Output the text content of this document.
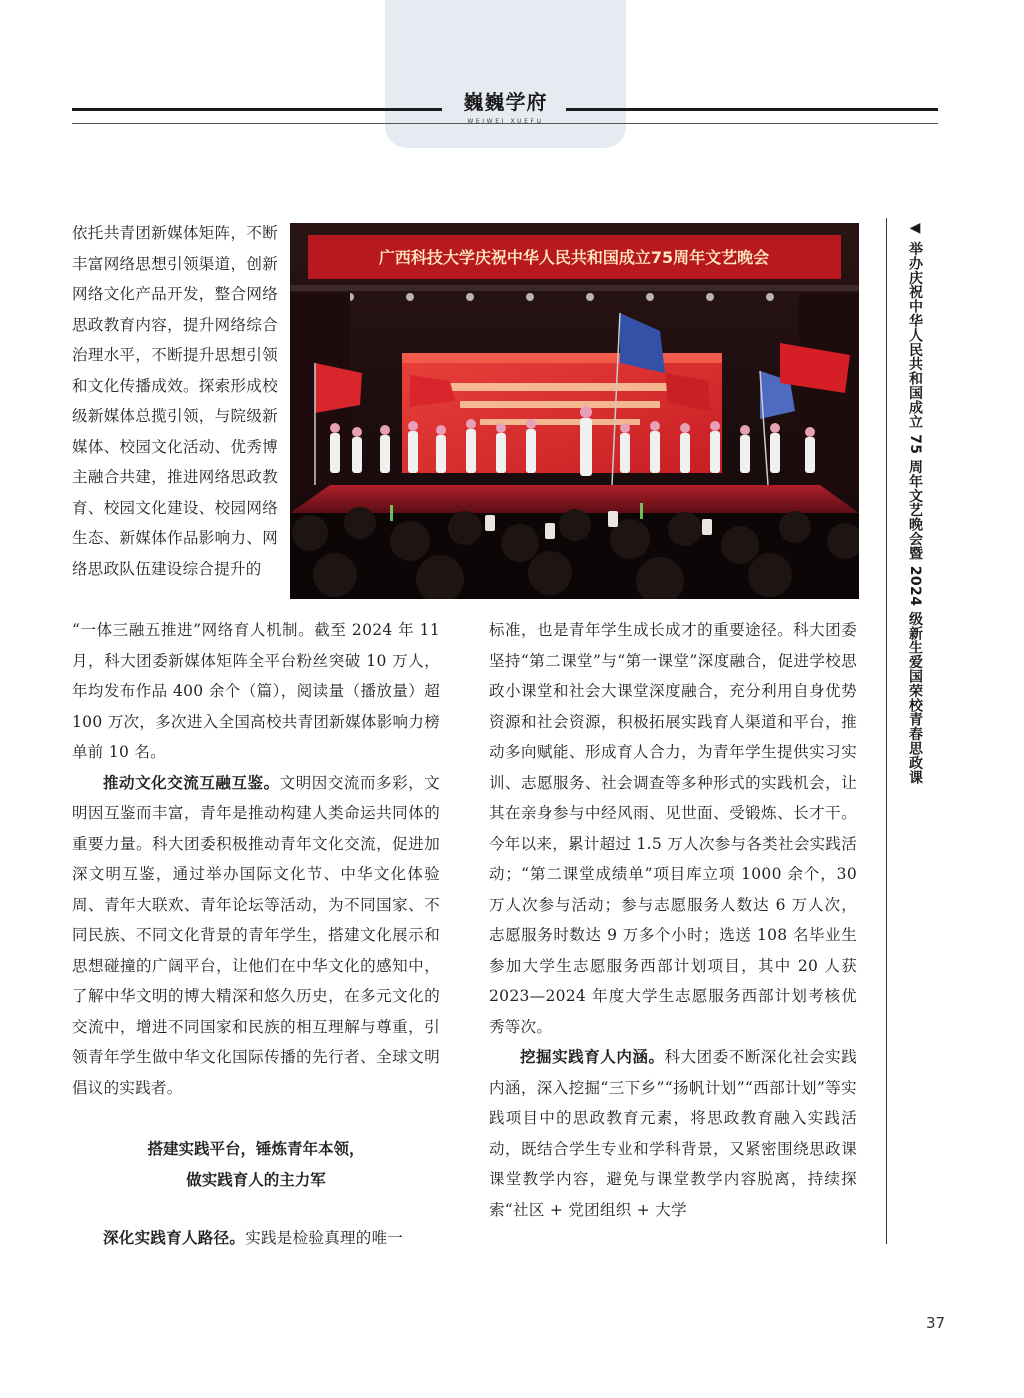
巍巍学府
WEIWEI XUEFU
广西科技大学庆祝中华人民共和国成立75周年文艺晚会

依托共青团新媒体矩阵，不断丰富网络思想引领渠道，创新网络文化产品开发，整合网络思政教育内容，提升网络综合治理水平，不断提升思想引领和文化传播成效。探索形成校级新媒体总揽引领，与院级新媒体、校园文化活动、优秀博主融合共建，推进网络思政教育、校园文化建设、校园网络生态、新媒体作品影响力、网络思政队伍建设综合提升的

“一体三融五推进”网络育人机制。截至 2024 年 11 月，科大团委新媒体矩阵全平台粉丝突破 10 万人，年均发布作品 400 余个（篇），阅读量（播放量）超 100 万次，多次进入全国高校共青团新媒体影响力榜单前 10 名。

推动文化交流互融互鉴。文明因交流而多彩，文明因互鉴而丰富，青年是推动构建人类命运共同体的重要力量。科大团委积极推动青年文化交流，促进加深文明互鉴，通过举办国际文化节、中华文化体验周、青年大联欢、青年论坛等活动，为不同国家、不同民族、不同文化背景的青年学生，搭建文化展示和思想碰撞的广阔平台，让他们在中华文化的感知中，了解中华文明的博大精深和悠久历史，在多元文化的交流中，增进不同国家和民族的相互理解与尊重，引领青年学生做中华文化国际传播的先行者、全球文明倡议的实践者。

搭建实践平台，锤炼青年本领，
做实践育人的主力军

深化实践育人路径。实践是检验真理的唯一

标准，也是青年学生成长成才的重要途径。科大团委坚持“第二课堂”与“第一课堂”深度融合，促进学校思政小课堂和社会大课堂深度融合，充分利用自身优势资源和社会资源，积极拓展实践育人渠道和平台，推动多向赋能、形成育人合力，为青年学生提供实习实训、志愿服务、社会调查等多种形式的实践机会，让其在亲身参与中经风雨、见世面、受锻炼、长才干。今年以来，累计超过 1.5 万人次参与各类社会实践活动；“第二课堂成绩单”项目库立项 1000 余个，30 万人次参与活动；参与志愿服务人数达 6 万人次，志愿服务时数达 9 万多个小时；选送 108 名毕业生参加大学生志愿服务西部计划项目，其中 20 人获 2023—2024 年度大学生志愿服务西部计划考核优秀等次。

挖掘实践育人内涵。科大团委不断深化社会实践内涵，深入挖掘“三下乡”“扬帆计划”“西部计划”等实践项目中的思政教育元素，将思政教育融入实践活动，既结合学生专业和学科背景，又紧密围绕思政课课堂教学内容，避免与课堂教学内容脱离，持续探索“社区 + 党团组织 + 大学

◀ 举办庆祝中华人民共和国成立 75 周年文艺晚会暨 2024 级新生爱国荣校青春思政课
37
